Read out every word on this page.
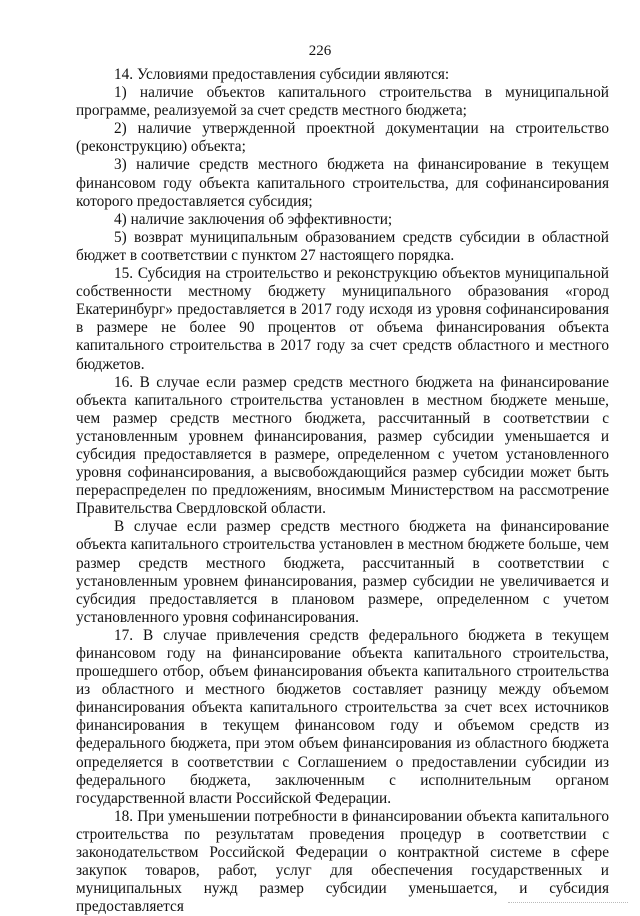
226

14. Условиями предоставления субсидии являются:

1) наличие объектов капитального строительства в муниципальной программе, реализуемой за счет средств местного бюджета;

2) наличие утвержденной проектной документации на строительство (реконструкцию) объекта;

3) наличие средств местного бюджета на финансирование в текущем финансовом году объекта капитального строительства, для софинансирования которого предоставляется субсидия;

4) наличие заключения об эффективности;

5) возврат муниципальным образованием средств субсидии в областной бюджет в соответствии с пунктом 27 настоящего порядка.

15. Субсидия на строительство и реконструкцию объектов муниципальной собственности местному бюджету муниципального образования «город Екатеринбург» предоставляется в 2017 году исходя из уровня софинансирования в размере не более 90 процентов от объема финансирования объекта капитального строительства в 2017 году за счет средств областного и местного бюджетов.

16. В случае если размер средств местного бюджета на финансирование объекта капитального строительства установлен в местном бюджете меньше, чем размер средств местного бюджета, рассчитанный в соответствии с установленным уровнем финансирования, размер субсидии уменьшается и субсидия предоставляется в размере, определенном с учетом установленного уровня софинансирования, а высвобождающийся размер субсидии может быть перераспределен по предложениям, вносимым Министерством на рассмотрение Правительства Свердловской области.

В случае если размер средств местного бюджета на финансирование объекта капитального строительства установлен в местном бюджете больше, чем размер средств местного бюджета, рассчитанный в соответствии с установленным уровнем финансирования, размер субсидии не увеличивается и субсидия предоставляется в плановом размере, определенном с учетом установленного уровня софинансирования.

17. В случае привлечения средств федерального бюджета в текущем финансовом году на финансирование объекта капитального строительства, прошедшего отбор, объем финансирования объекта капитального строительства из областного и местного бюджетов составляет разницу между объемом финансирования объекта капитального строительства за счет всех источников финансирования в текущем финансовом году и объемом средств из федерального бюджета, при этом объем финансирования из областного бюджета определяется в соответствии с Соглашением о предоставлении субсидии из федерального бюджета, заключенным с исполнительным органом государственной власти Российской Федерации.

18. При уменьшении потребности в финансировании объекта капитального строительства по результатам проведения процедур в соответствии с законодательством Российской Федерации о контрактной системе в сфере закупок товаров, работ, услуг для обеспечения государственных и муниципальных нужд размер субсидии уменьшается, и субсидия предоставляется
